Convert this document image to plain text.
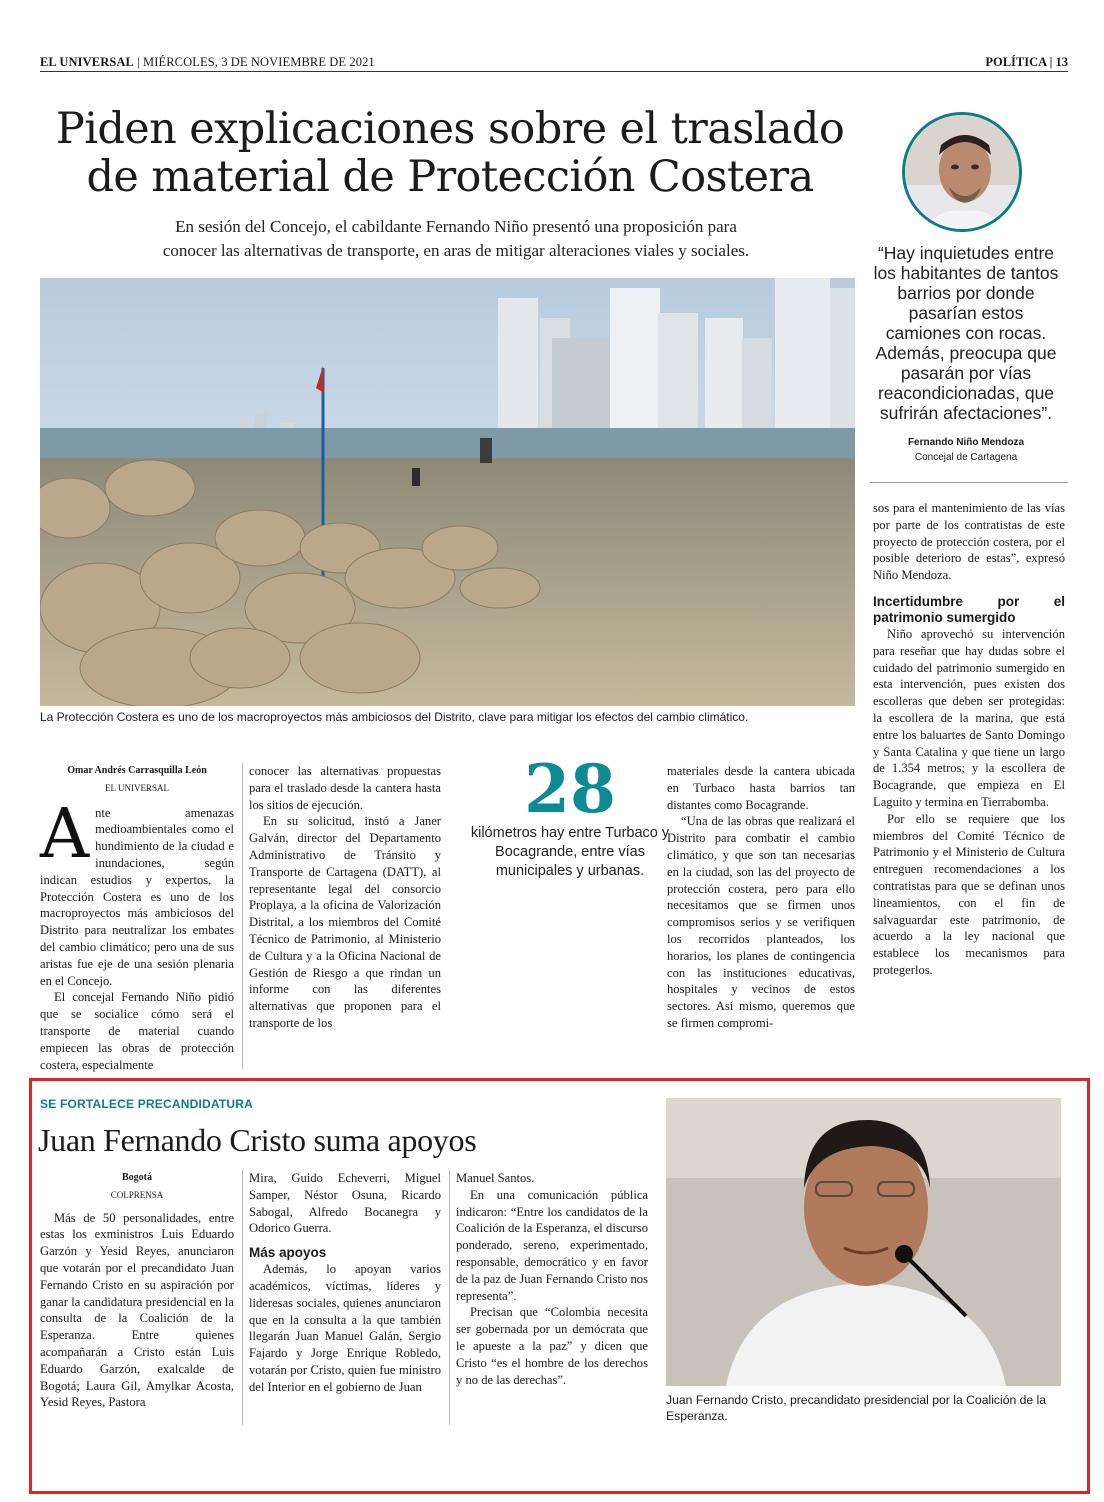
EL UNIVERSAL | MIÉRCOLES, 3 DE NOVIEMBRE DE 2021	POLÍTICA | 13
Piden explicaciones sobre el traslado
de material de Protección Costera
En sesión del Concejo, el cabildante Fernando Niño presentó una proposición para
conocer las alternativas de transporte, en aras de mitigar alteraciones viales y sociales.	“Hay inquietudes entre los habitantes de tantos barrios por donde pasarían estos camiones con rocas. Además, preocupa que pasarán por vías reacondicionadas, que sufrirán afectaciones”.
Fernando Niño Mendoza
Concejal de Cartagena
La Protección Costera es uno de los macroproyectos más ambiciosos del Distrito, clave para mitigar los efectos del cambio climático.
Omar Andrés Carrasquilla León
EL UNIVERSAL

Ante amenazas medioambientales como el hundimiento de la ciudad e inundaciones, según indican estudios y expertos, la Protección Costera es uno de los macroproyectos más ambiciosos del Distrito para neutralizar los embates del cambio climático; pero una de sus aristas fue eje de una sesión plenaria en el Concejo.

El concejal Fernando Niño pidió que se socialice cómo será el transporte de material cuando empiecen las obras de protección costera, especialmente

conocer las alternativas propuestas para el traslado desde la cantera hasta los sitios de ejecución.

En su solicitud, instó a Janer Galván, director del Departamento Administrativo de Tránsito y Transporte de Cartagena (DATT), al representante legal del consorcio Proplaya, a la oficina de Valorización Distrital, a los miembros del Comité Técnico de Patrimonio, al Ministerio de Cultura y a la Oficina Nacional de Gestión de Riesgo a que rindan un informe con las diferentes alternativas que proponen para el transporte de los

28
kilómetros hay entre Turbaco y Bocagrande, entre vías municipales y urbanas.

materiales desde la cantera ubicada en Turbaco hasta barrios tan distantes como Bocagrande.

“Una de las obras que realizará el Distrito para combatir el cambio climático, y que son tan necesarias en la ciudad, son las del proyecto de protección costera, pero para ello necesitamos que se firmen unos compromisos serios y se verifiquen los recorridos planteados, los horarios, los planes de contingencia con las instituciones educativas, hospitales y vecinos de estos sectores. Así mismo, queremos que se firmen compromi-

sos para el mantenimiento de las vías por parte de los contratistas de este proyecto de protección costera, por el posible deterioro de estas”, expresó Niño Mendoza.

Incertidumbre por el patrimonio sumergido

Niño aprovechó su intervención para reseñar que hay dudas sobre el cuidado del patrimonio sumergido en esta intervención, pues existen dos escolleras que deben ser protegidas: la escollera de la marina, que está entre los baluartes de Santo Domingo y Santa Catalina y que tiene un largo de 1.354 metros; y la escollera de Bocagrande, que empieza en El Laguito y termina en Tierrabomba.

Por ello se requiere que los miembros del Comité Técnico de Patrimonio y el Ministerio de Cultura entreguen recomendaciones a los contratistas para que se definan unos lineamientos, con el fin de salvaguardar este patrimonio, de acuerdo a la ley nacional que establece los mecanismos para protegerlos.

SE FORTALECE PRECANDIDATURA
Juan Fernando Cristo suma apoyos
Bogotá
COLPRENSA

Más de 50 personalidades, entre estas los exministros Luis Eduardo Garzón y Yesid Reyes, anunciaron que votarán por el precandidato Juan Fernando Cristo en su aspiración por ganar la candidatura presidencial en la consulta de la Coalición de la Esperanza. Entre quienes acompañarán a Cristo están Luis Eduardo Garzón, exalcalde de Bogotá; Laura Gil, Amylkar Acosta, Yesid Reyes, Pastora

Mira, Guido Echeverri, Miguel Samper, Néstor Osuna, Ricardo Sabogal, Alfredo Bocanegra y Odorico Guerra.

Más apoyos

Además, lo apoyan varios académicos, víctimas, líderes y lideresas sociales, quienes anunciaron que en la consulta a la que también llegarán Juan Manuel Galán, Sergio Fajardo y Jorge Enrique Robledo, votarán por Cristo, quien fue ministro del Interior en el gobierno de Juan

Manuel Santos.

En una comunicación pública indicaron: “Entre los candidatos de la Coalición de la Esperanza, el discurso ponderado, sereno, experimentado, responsable, democrático y en favor de la paz de Juan Fernando Cristo nos representa”.

Precisan que “Colombia necesita ser gobernada por un demócrata que le apueste a la paz” y dicen que Cristo “es el hombre de los derechos y no de las derechas”.

Juan Fernando Cristo, precandidato presidencial por la Coalición de la Esperanza.
